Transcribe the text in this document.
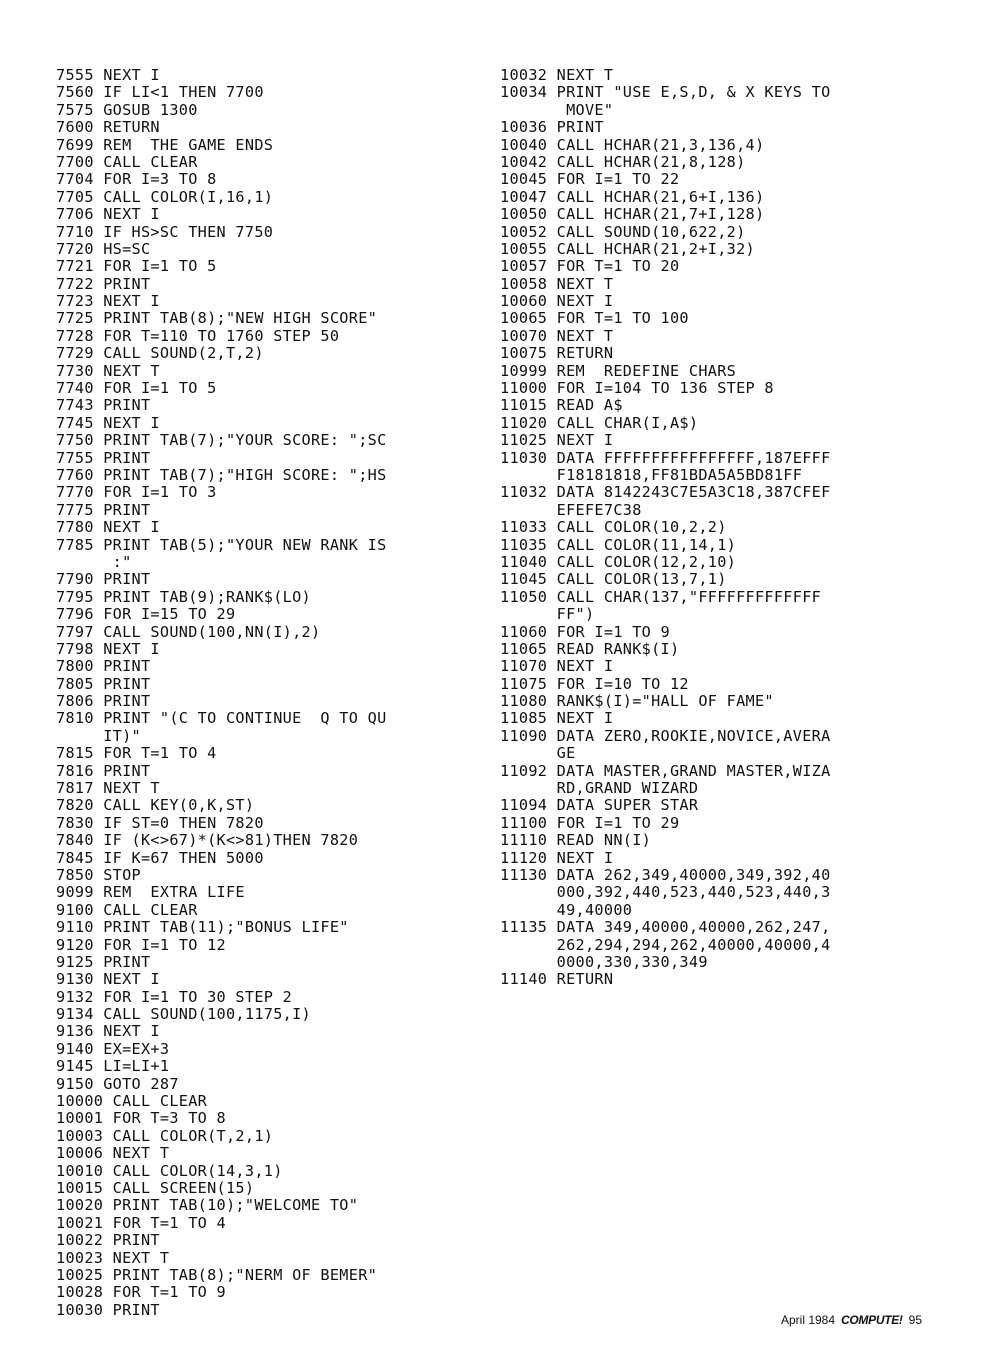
7555 NEXT I
7560 IF LI<1 THEN 7700
7575 GOSUB 1300
7600 RETURN
7699 REM  THE GAME ENDS
7700 CALL CLEAR
7704 FOR I=3 TO 8
7705 CALL COLOR(I,16,1)
7706 NEXT I
7710 IF HS>SC THEN 7750
7720 HS=SC
7721 FOR I=1 TO 5
7722 PRINT
7723 NEXT I
7725 PRINT TAB(8);"NEW HIGH SCORE"
7728 FOR T=110 TO 1760 STEP 50
7729 CALL SOUND(2,T,2)
7730 NEXT T
7740 FOR I=1 TO 5
7743 PRINT
7745 NEXT I
7750 PRINT TAB(7);"YOUR SCORE: ";SC
7755 PRINT
7760 PRINT TAB(7);"HIGH SCORE: ";HS
7770 FOR I=1 TO 3
7775 PRINT
7780 NEXT I
7785 PRINT TAB(5);"YOUR NEW RANK IS
:"
7790 PRINT
7795 PRINT TAB(9);RANK$(LO)
7796 FOR I=15 TO 29
7797 CALL SOUND(100,NN(I),2)
7798 NEXT I
7800 PRINT
7805 PRINT
7806 PRINT
7810 PRINT "(C TO CONTINUE  Q TO QU
IT)"
7815 FOR T=1 TO 4
7816 PRINT
7817 NEXT T
7820 CALL KEY(0,K,ST)
7830 IF ST=0 THEN 7820
7840 IF (K<>67)*(K<>81)THEN 7820
7845 IF K=67 THEN 5000
7850 STOP
9099 REM  EXTRA LIFE
9100 CALL CLEAR
9110 PRINT TAB(11);"BONUS LIFE"
9120 FOR I=1 TO 12
9125 PRINT
9130 NEXT I
9132 FOR I=1 TO 30 STEP 2
9134 CALL SOUND(100,1175,I)
9136 NEXT I
9140 EX=EX+3
9145 LI=LI+1
9150 GOTO 287
10000 CALL CLEAR
10001 FOR T=3 TO 8
10003 CALL COLOR(T,2,1)
10006 NEXT T
10010 CALL COLOR(14,3,1)
10015 CALL SCREEN(15)
10020 PRINT TAB(10);"WELCOME TO"
10021 FOR T=1 TO 4
10022 PRINT
10023 NEXT T
10025 PRINT TAB(8);"NERM OF BEMER"
10028 FOR T=1 TO 9
10030 PRINT
10032 NEXT T
10034 PRINT "USE E,S,D, & X KEYS TO
MOVE"
10036 PRINT
10040 CALL HCHAR(21,3,136,4)
10042 CALL HCHAR(21,8,128)
10045 FOR I=1 TO 22
10047 CALL HCHAR(21,6+I,136)
10050 CALL HCHAR(21,7+I,128)
10052 CALL SOUND(10,622,2)
10055 CALL HCHAR(21,2+I,32)
10057 FOR T=1 TO 20
10058 NEXT T
10060 NEXT I
10065 FOR T=1 TO 100
10070 NEXT T
10075 RETURN
10999 REM  REDEFINE CHARS
11000 FOR I=104 TO 136 STEP 8
11015 READ A$
11020 CALL CHAR(I,A$)
11025 NEXT I
11030 DATA FFFFFFFFFFFFFFFF,187EFFF
F18181818,FF81BDA5A5BD81FF
11032 DATA 8142243C7E5A3C18,387CFEF
EFEFE7C38
11033 CALL COLOR(10,2,2)
11035 CALL COLOR(11,14,1)
11040 CALL COLOR(12,2,10)
11045 CALL COLOR(13,7,1)
11050 CALL CHAR(137,"FFFFFFFFFFFFF
FF")
11060 FOR I=1 TO 9
11065 READ RANK$(I)
11070 NEXT I
11075 FOR I=10 TO 12
11080 RANK$(I)="HALL OF FAME"
11085 NEXT I
11090 DATA ZERO,ROOKIE,NOVICE,AVERA
GE
11092 DATA MASTER,GRAND MASTER,WIZA
RD,GRAND WIZARD
11094 DATA SUPER STAR
11100 FOR I=1 TO 29
11110 READ NN(I)
11120 NEXT I
11130 DATA 262,349,40000,349,392,40
000,392,440,523,440,523,440,3
49,40000
11135 DATA 349,40000,40000,262,247,
262,294,294,262,40000,40000,4
0000,330,330,349
11140 RETURN
April 1984 COMPUTE! 95
